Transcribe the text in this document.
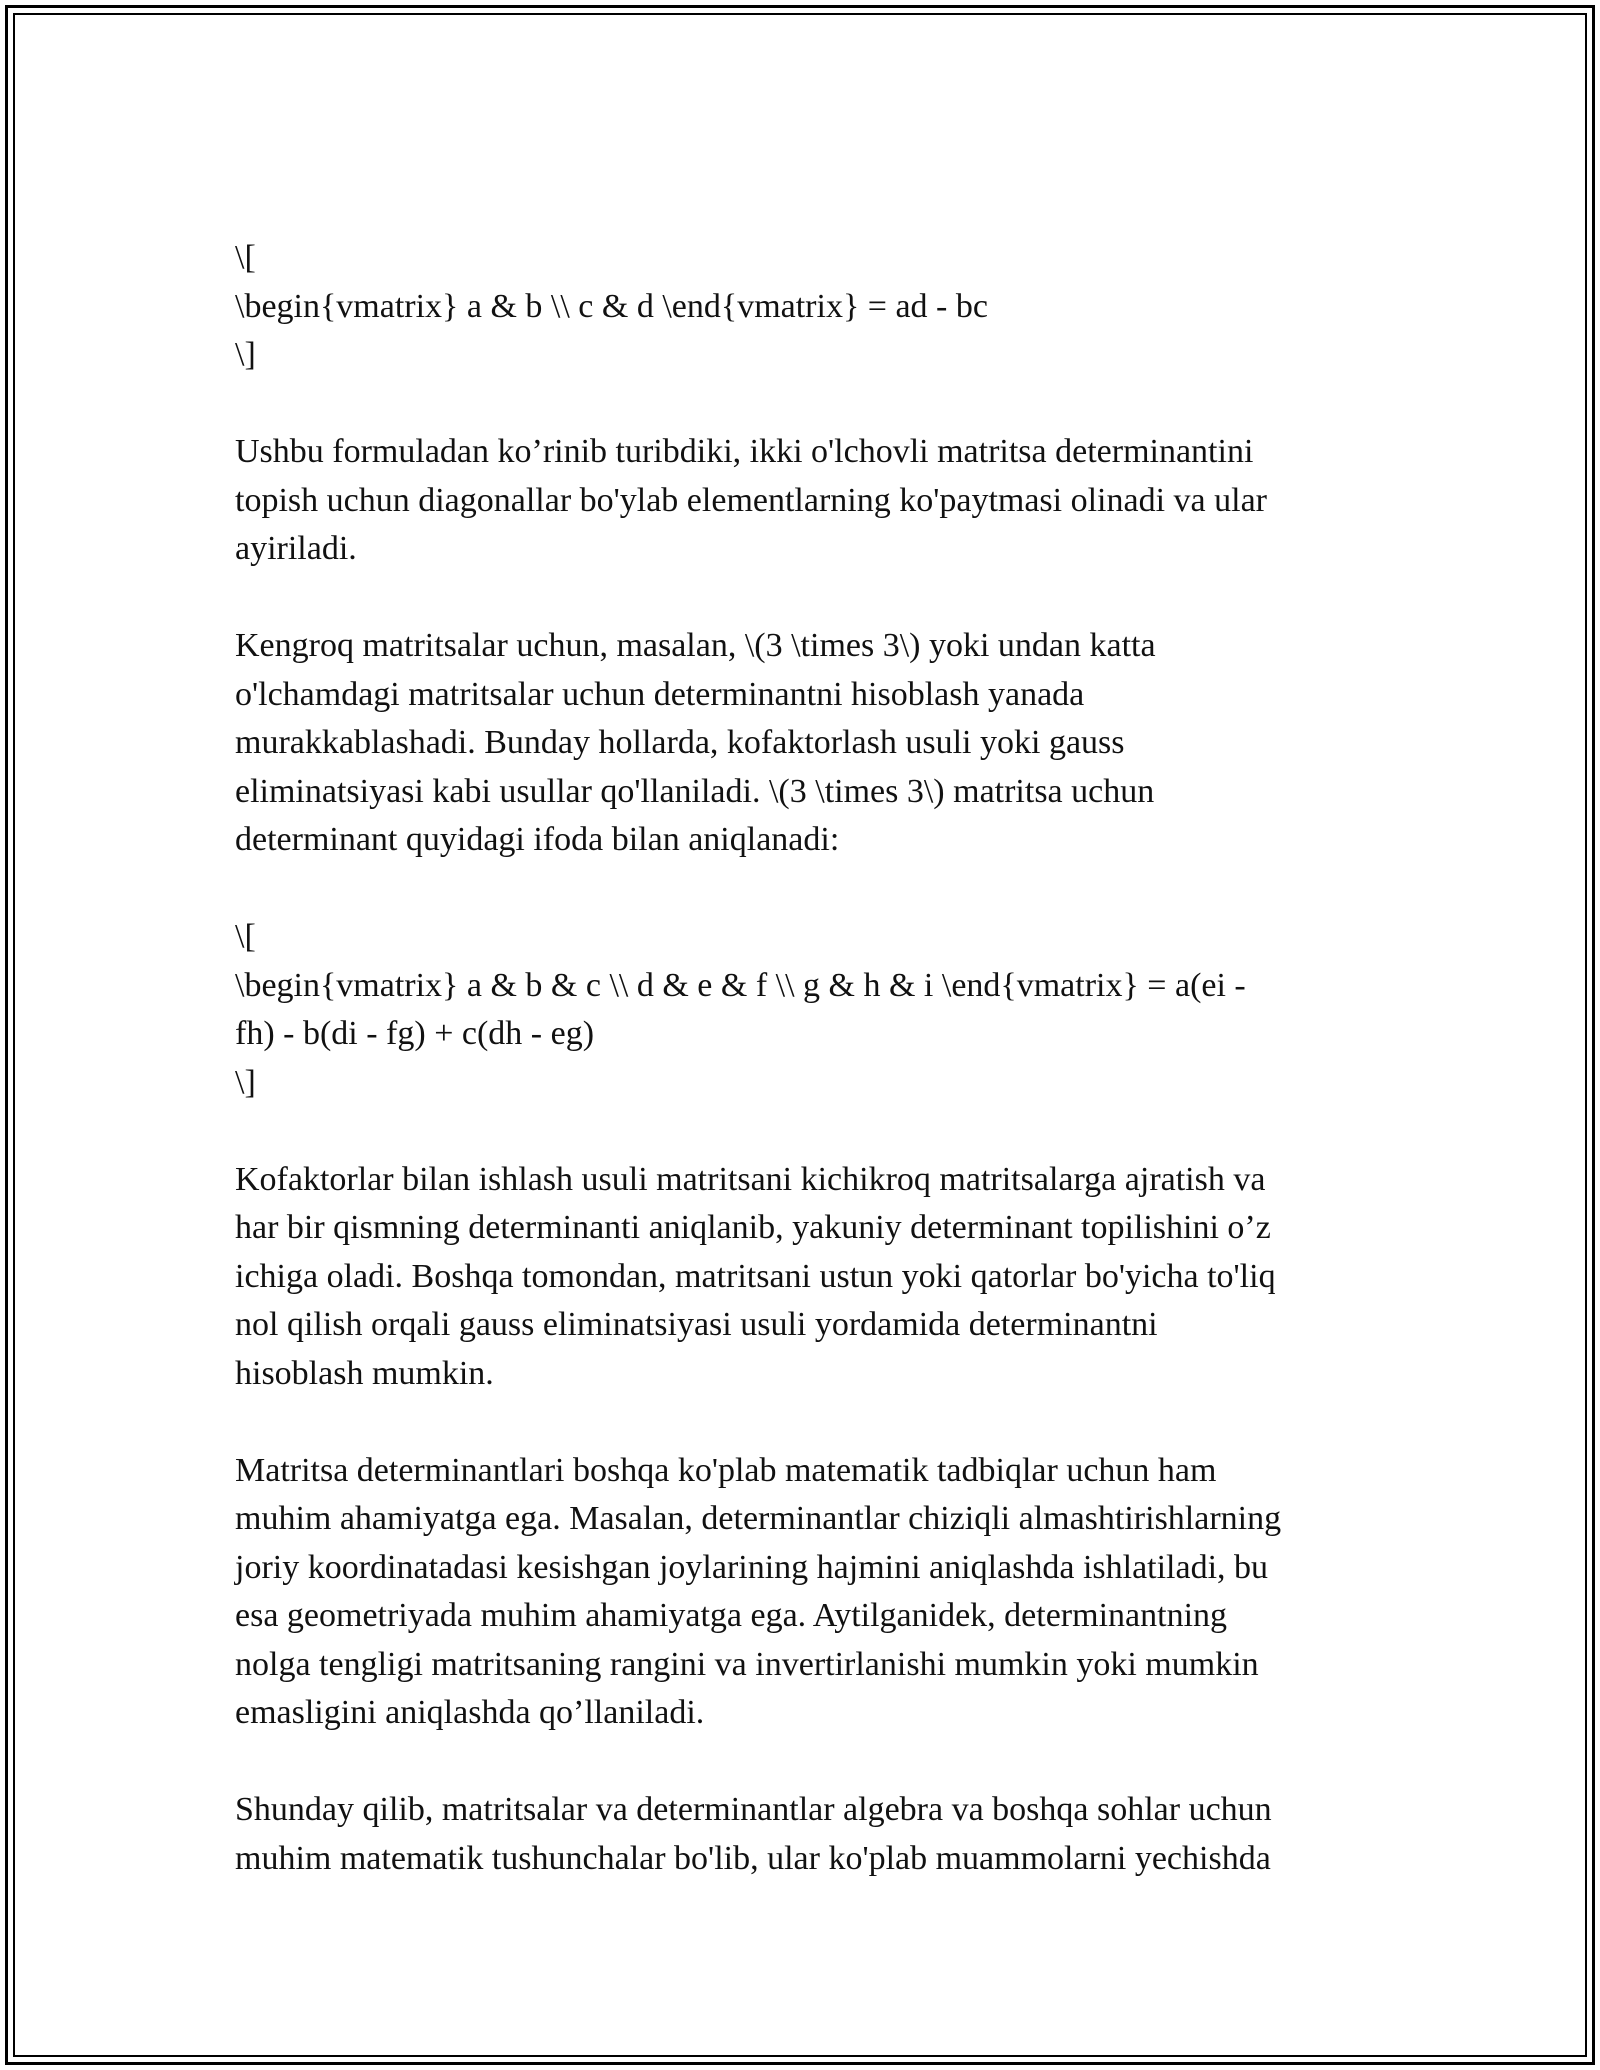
\[
\begin{vmatrix} a & b \\ c & d \end{vmatrix} = ad - bc
\]
Ushbu formuladan ko’rinib turibdiki, ikki o'lchovli matritsa determinantini
topish uchun diagonallar bo'ylab elementlarning ko'paytmasi olinadi va ular
ayiriladi.
Kengroq matritsalar uchun, masalan, \(3 \times 3\) yoki undan katta
o'lchamdagi matritsalar uchun determinantni hisoblash yanada
murakkablashadi. Bunday hollarda, kofaktorlash usuli yoki gauss
eliminatsiyasi kabi usullar qo'llaniladi. \(3 \times 3\) matritsa uchun
determinant quyidagi ifoda bilan aniqlanadi:
\[
\begin{vmatrix} a & b & c \\ d & e & f \\ g & h & i \end{vmatrix} = a(ei -
fh) - b(di - fg) + c(dh - eg)
\]
Kofaktorlar bilan ishlash usuli matritsani kichikroq matritsalarga ajratish va
har bir qismning determinanti aniqlanib, yakuniy determinant topilishini o’z
ichiga oladi. Boshqa tomondan, matritsani ustun yoki qatorlar bo'yicha to'liq
nol qilish orqali gauss eliminatsiyasi usuli yordamida determinantni
hisoblash mumkin.
Matritsa determinantlari boshqa ko'plab matematik tadbiqlar uchun ham
muhim ahamiyatga ega. Masalan, determinantlar chiziqli almashtirishlarning
joriy koordinatadasi kesishgan joylarining hajmini aniqlashda ishlatiladi, bu
esa geometriyada muhim ahamiyatga ega. Aytilganidek, determinantning
nolga tengligi matritsaning rangini va invertirlanishi mumkin yoki mumkin
emasligini aniqlashda qo’llaniladi.
Shunday qilib, matritsalar va determinantlar algebra va boshqa sohlar uchun
muhim matematik tushunchalar bo'lib, ular ko'plab muammolarni yechishda
